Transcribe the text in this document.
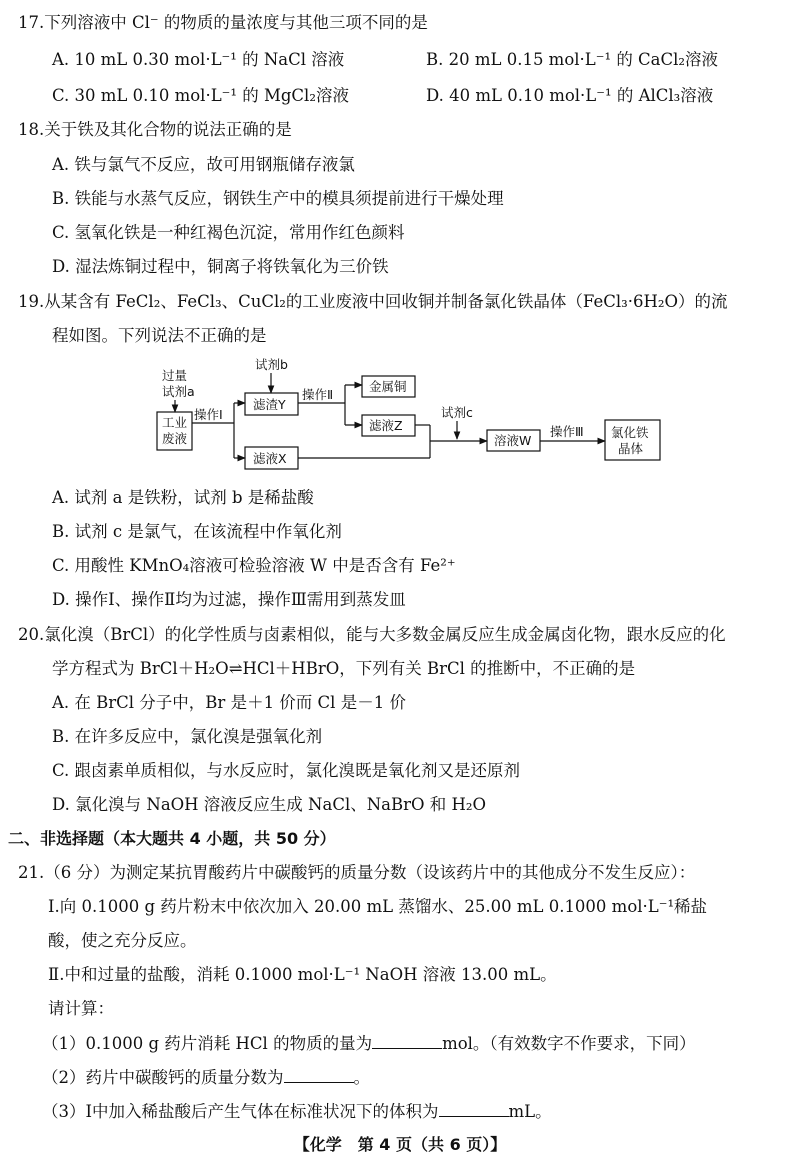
17.下列溶液中 Cl⁻ 的物质的量浓度与其他三项不同的是
A. 10 mL 0.30 mol·L⁻¹ 的 NaCl 溶液	B. 20 mL 0.15 mol·L⁻¹ 的 CaCl₂溶液
C. 30 mL 0.10 mol·L⁻¹ 的 MgCl₂溶液	D. 40 mL 0.10 mol·L⁻¹ 的 AlCl₃溶液
18.关于铁及其化合物的说法正确的是
A. 铁与氯气不反应，故可用钢瓶储存液氯
B. 铁能与水蒸气反应，钢铁生产中的模具须提前进行干燥处理
C. 氢氧化铁是一种红褐色沉淀，常用作红色颜料
D. 湿法炼铜过程中，铜离子将铁氧化为三价铁
19.从某含有 FeCl₂、FeCl₃、CuCl₂的工业废液中回收铜并制备氯化铁晶体（FeCl₃·6H₂O）的流
程如图。下列说法不正确的是
过量
试剂a
工业
废液
操作Ⅰ
试剂b
滤渣Y
滤液X
操作Ⅱ
金属铜
滤液Z
试剂c
溶液W
操作Ⅲ 氯化铁
晶体
A. 试剂 a 是铁粉，试剂 b 是稀盐酸
B. 试剂 c 是氯气，在该流程中作氧化剂
C. 用酸性 KMnO₄溶液可检验溶液 W 中是否含有 Fe²⁺
D. 操作Ⅰ、操作Ⅱ均为过滤，操作Ⅲ需用到蒸发皿
20.氯化溴（BrCl）的化学性质与卤素相似，能与大多数金属反应生成金属卤化物，跟水反应的化
学方程式为 BrCl＋H₂O⇌HCl＋HBrO，下列有关 BrCl 的推断中，不正确的是
A. 在 BrCl 分子中，Br 是＋1 价而 Cl 是－1 价
B. 在许多反应中，氯化溴是强氧化剂
C. 跟卤素单质相似，与水反应时，氯化溴既是氧化剂又是还原剂
D. 氯化溴与 NaOH 溶液反应生成 NaCl、NaBrO 和 H₂O
二、非选择题（本大题共 4 小题，共 50 分）
21.（6 分）为测定某抗胃酸药片中碳酸钙的质量分数（设该药片中的其他成分不发生反应）：
Ⅰ.向 0.1000 g 药片粉末中依次加入 20.00 mL 蒸馏水、25.00 mL 0.1000 mol·L⁻¹稀盐
酸，使之充分反应。
Ⅱ.中和过量的盐酸，消耗 0.1000 mol·L⁻¹ NaOH 溶液 13.00 mL。
请计算：
（1）0.1000 g 药片消耗 HCl 的物质的量为	mol。（有效数字不作要求，下同）
（2）药片中碳酸钙的质量分数为	。
（3）Ⅰ中加入稀盐酸后产生气体在标准状况下的体积为	mL。
【化学　第 4 页（共 6 页）】
